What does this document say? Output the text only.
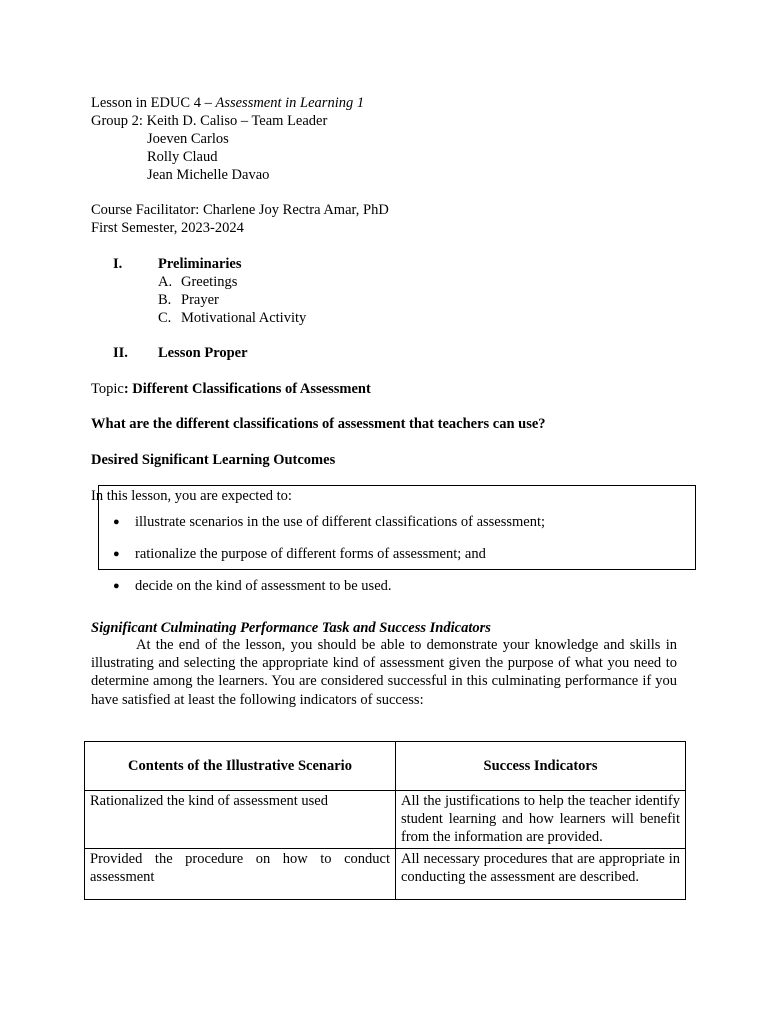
Lesson in EDUC 4 – Assessment in Learning 1
Group 2: Keith D. Caliso – Team Leader
Joeven Carlos
Rolly Claud
Jean Michelle Davao
Course Facilitator: Charlene Joy Rectra Amar, PhD
First Semester, 2023-2024
I. Preliminaries
A. Greetings
B. Prayer
C. Motivational Activity
II. Lesson Proper
Topic: Different Classifications of Assessment
What are the different classifications of assessment that teachers can use?
Desired Significant Learning Outcomes
In this lesson, you are expected to:
● illustrate scenarios in the use of different classifications of assessment;
● rationalize the purpose of different forms of assessment; and
● decide on the kind of assessment to be used.
Significant Culminating Performance Task and Success Indicators
At the end of the lesson, you should be able to demonstrate your knowledge and skills in illustrating and selecting the appropriate kind of assessment given the purpose of what you need to determine among the learners. You are considered successful in this culminating performance if you have satisfied at least the following indicators of success:
Contents of the Illustrative Scenario	Success Indicators
Rationalized the kind of assessment used	All the justifications to help the teacher identify student learning and how learners will benefit from the information are provided.
Provided the procedure on how to conduct assessment	All necessary procedures that are appropriate in conducting the assessment are described.
